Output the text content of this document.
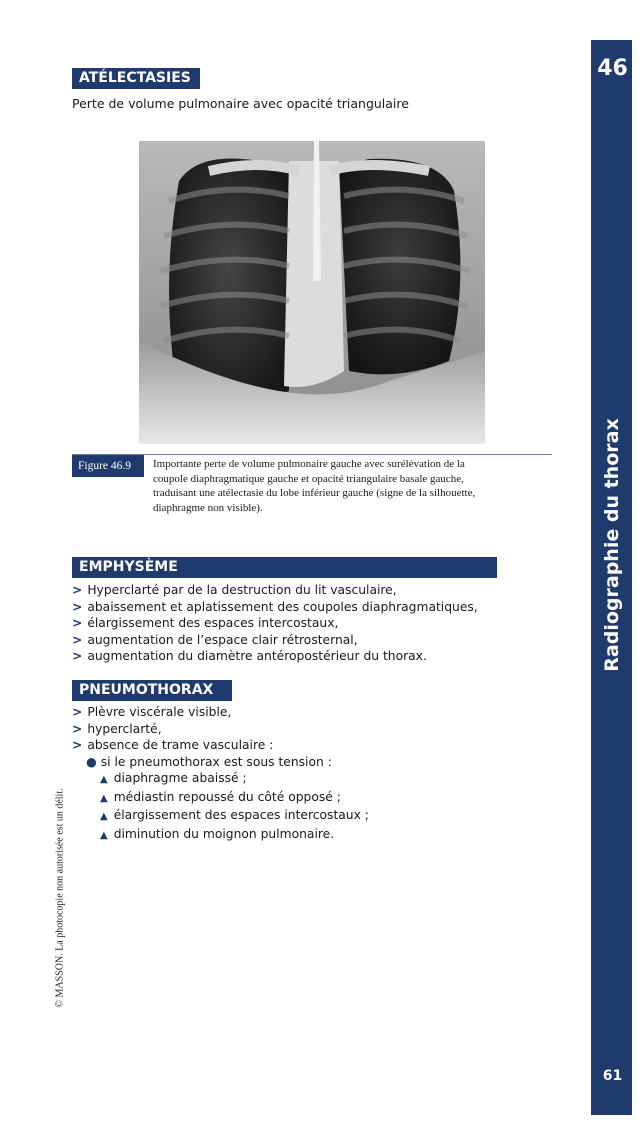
46
Radiographie du thorax
61
© MASSON. La photocopie non autorisée est un délit.
ATÉLECTASIES
Perte de volume pulmonaire avec opacité triangulaire
Figure 46.9	Importante perte de volume pulmonaire gauche avec surélévation de la
coupole diaphragmatique gauche et opacité triangulaire basale gauche,
traduisant une atélectasie du lobe inférieur gauche (signe de la silhouette,
diaphragme non visible).
EMPHYSÈME
> Hyperclarté par de la destruction du lit vasculaire,
> abaissement et aplatissement des coupoles diaphragmatiques,
> élargissement des espaces intercostaux,
> augmentation de l’espace clair rétrosternal,
> augmentation du diamètre antéropostérieur du thorax.
PNEUMOTHORAX
> Plèvre viscérale visible,
> hyperclarté,
> absence de trame vasculaire :
● si le pneumothorax est sous tension :
▲ diaphragme abaissé ;
▲ médiastin repoussé du côté opposé ;
▲ élargissement des espaces intercostaux ;
▲ diminution du moignon pulmonaire.
